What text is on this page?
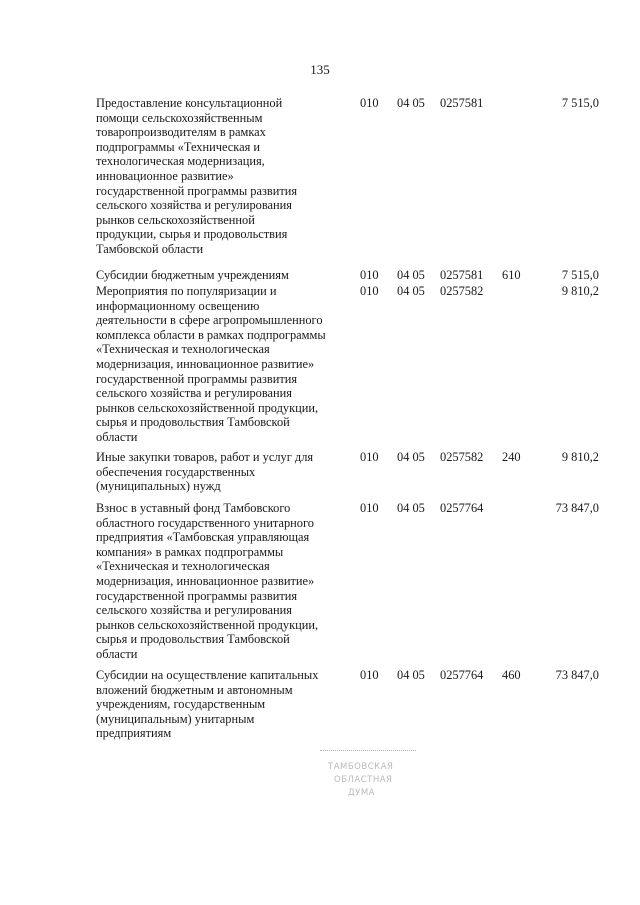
135
Предоставление консультационной
помощи сельскохозяйственным
товаропроизводителям в рамках
подпрограммы «Техническая и
технологическая модернизация,
инновационное развитие»
государственной программы развития
сельского хозяйства и регулирования
рынков сельскохозяйственной
продукции, сырья и продовольствия
Тамбовской области
010 04 05 0257581	7 515,0
Субсидии бюджетным учреждениям	010 04 05 0257581 610	7 515,0
Мероприятия по популяризации и
информационному освещению
деятельности в сфере агропромышленного
комплекса области в рамках подпрограммы
«Техническая и технологическая
модернизация, инновационное развитие»
государственной программы развития
сельского хозяйства и регулирования
рынков сельскохозяйственной продукции,
сырья и продовольствия Тамбовской
области
010 04 05 0257582	9 810,2
Иные закупки товаров, работ и услуг для
обеспечения государственных
(муниципальных) нужд
010 04 05 0257582 240	9 810,2
Взнос в уставный фонд Тамбовского
областного государственного унитарного
предприятия «Тамбовская управляющая
компания» в рамках подпрограммы
«Техническая и технологическая
модернизация, инновационное развитие»
государственной программы развития
сельского хозяйства и регулирования
рынков сельскохозяйственной продукции,
сырья и продовольствия Тамбовской
области
010 04 05 0257764	73 847,0
Субсидии на осуществление капитальных
вложений бюджетным и автономным
учреждениям, государственным
(муниципальным) унитарным
предприятиям
010 04 05 0257764 460	73 847,0
ТАМБОВСКАЯ
ОБЛАСТНАЯ
ДУМА
